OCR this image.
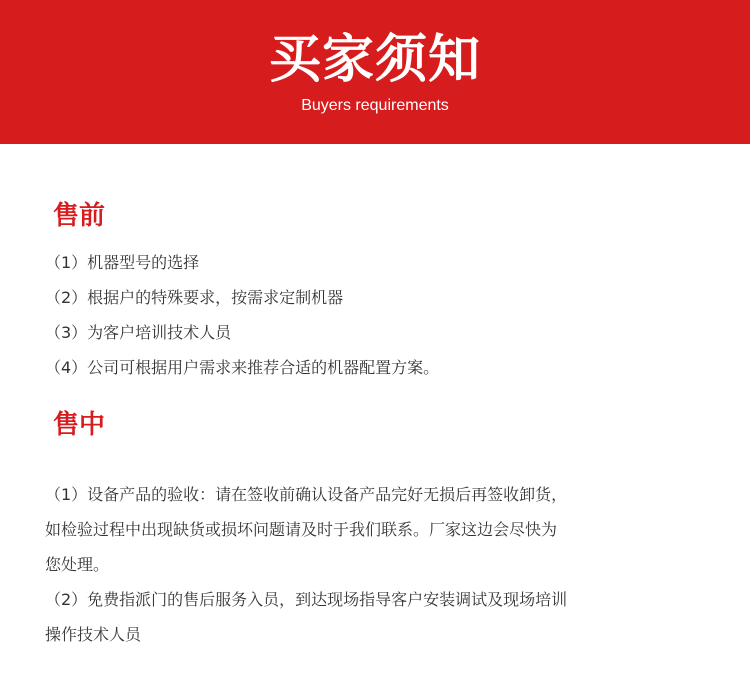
买家须知
Buyers requirements
售前
（1）机器型号的选择
（2）根据户的特殊要求，按需求定制机器
（3）为客户培训技术人员
（4）公司可根据用户需求来推荐合适的机器配置方案。
售中
（1）设备产品的验收：请在签收前确认设备产品完好无损后再签收卸货，
如检验过程中出现缺货或损坏问题请及时于我们联系。厂家这边会尽快为
您处理。
（2）免费指派门的售后服务入员，到达现场指导客户安装调试及现场培训
操作技术人员
